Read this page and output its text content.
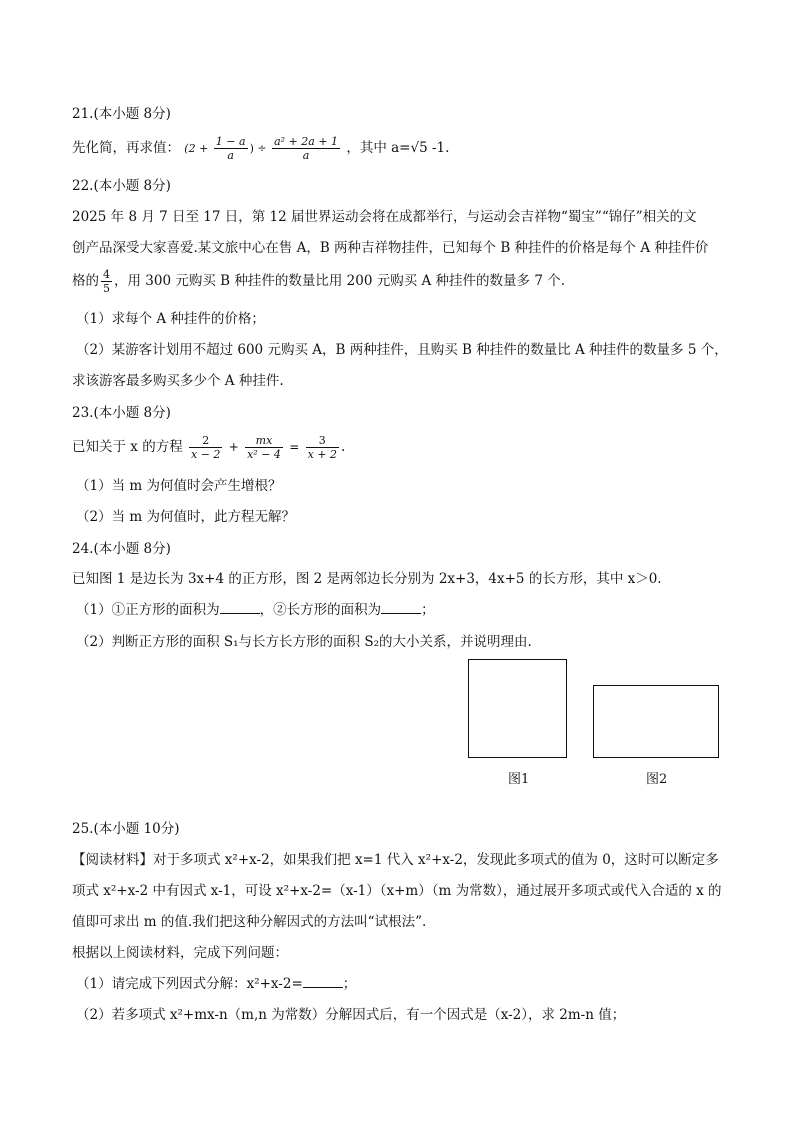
21.(本小题 8分)
先化简，再求值： ($2 + \frac{1 - a}{a}$ ) ÷ $\frac{\text{a² + 2a + 1}}{a}$ ，其中 a=√5 -1.
22.(本小题 8分)
2025 年 8 月 7 日至 17 日，第 12 届世界运动会将在成都举行，与运动会吉祥物“蜀宝”“锦仔”相关的文
创产品深受大家喜爱.某文旅中心在售 A，B 两种吉祥物挂件，已知每个 B 种挂件的价格是每个 A 种挂件价
格的 $\frac{4}{5}$ ，用 300 元购买 B 种挂件的数量比用 200 元购买 A 种挂件的数量多 7 个.
（1）求每个 A 种挂件的价格；
（2）某游客计划用不超过 600 元购买 A，B 两种挂件，且购买 B 种挂件的数量比 A 种挂件的数量多 5 个，
求该游客最多购买多少个 A 种挂件.
23.(本小题 8分)
已知关于 x 的方程 $\frac{2}{x - 2} + \frac{mx}{\text{x² − 4}} = \frac{3}{x + 2}$ .
（1）当 m 为何值时会产生增根？
（2）当 m 为何值时，此方程无解？
24.(本小题 8分)
已知图 1 是边长为 3x+4 的正方形，图 2 是两邻边长分别为 2x+3，4x+5 的长方形，其中 x＞0.
（1）①正方形的面积为	，②长方形的面积为	；
（2）判断正方形的面积 S₁与长方长方形的面积 S₂的大小关系，并说明理由.
图1	图2
25.(本小题 10分)
【阅读材料】对于多项式 x²+x-2，如果我们把 x=1 代入 x²+x-2，发现此多项式的值为 0，这时可以断定多
项式 x²+x-2 中有因式 x-1，可设 x²+x-2=（x-1）（x+m）（m 为常数），通过展开多项式或代入合适的 x 的
值即可求出 m 的值.我们把这种分解因式的方法叫“试根法”.
根据以上阅读材料，完成下列问题：
（1）请完成下列因式分解：x²+x-2=	；
（2）若多项式 x²+mx-n（m,n 为常数）分解因式后，有一个因式是（x-2），求 2m-n 值；
